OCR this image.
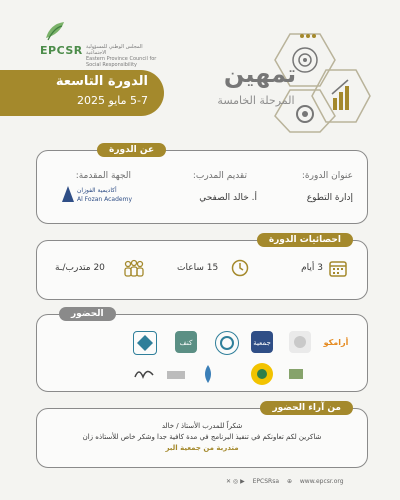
EPCSR المجلس الوطني للمسؤولية الاجتماعية
Eastern Province Council for Social Responsibility	تمهين
المرحلة الخامسة
الدورة التاسعة
5-7 مايو 2025
عن الدورة
عنوان الدورة:
إدارة التطوع
تقديم المدرب:
أ. خالد الصفحي
الجهة المقدمة:
أكاديمية الفوزان
Al Fozan Academy
احصائيات الدورة
3 أيام
15 ساعات
20 متدرب/ـة
الحضور
كنف	جمعية	أرامكو
من آراء الحضور
شكراً للمدرب الأستاذ / خالد
شاكرين لكم تعاونكم في تنفيذ البرنامج في مدة كافية جدا وشكر خاص للأستاذه زان
متدربة من جمعية البر
✕ ◎ ▶ EPCSRsa ⊕ www.epcsr.org
